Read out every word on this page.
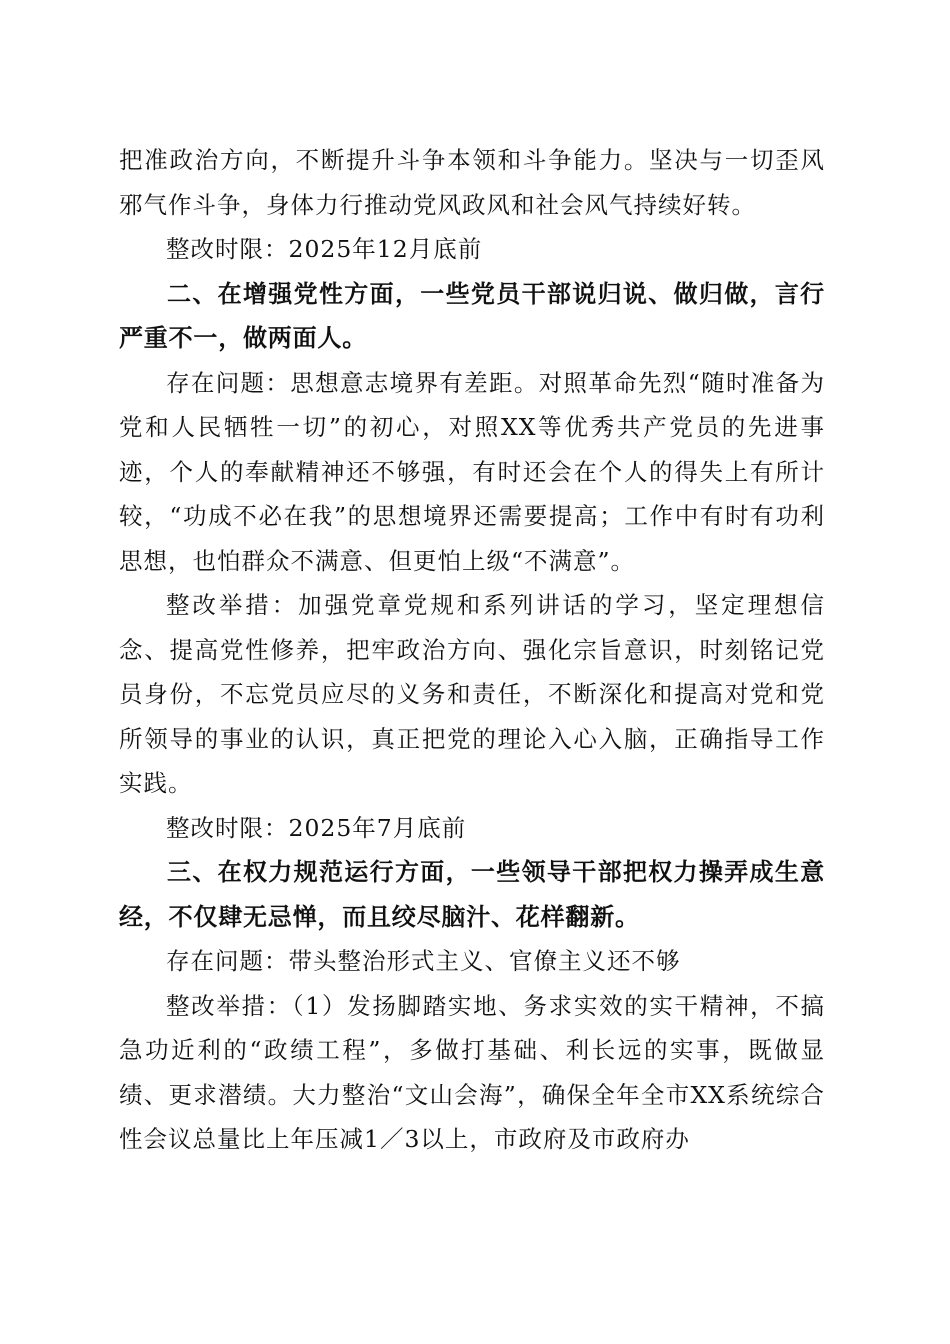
把准政治方向，不断提升斗争本领和斗争能力。坚决与一切歪风邪气作斗争，身体力行推动党风政风和社会风气持续好转。

整改时限：2025年12月底前

二、在增强党性方面，一些党员干部说归说、做归做，言行严重不一，做两面人。

存在问题：思想意志境界有差距。对照革命先烈“随时准备为党和人民牺牲一切”的初心，对照XX等优秀共产党员的先进事迹，个人的奉献精神还不够强，有时还会在个人的得失上有所计较，“功成不必在我”的思想境界还需要提高；工作中有时有功利思想，也怕群众不满意、但更怕上级“不满意”。

整改举措：加强党章党规和系列讲话的学习，坚定理想信念、提高党性修养，把牢政治方向、强化宗旨意识，时刻铭记党员身份，不忘党员应尽的义务和责任，不断深化和提高对党和党所领导的事业的认识，真正把党的理论入心入脑，正确指导工作实践。

整改时限：2025年7月底前

三、在权力规范运行方面，一些领导干部把权力操弄成生意经，不仅肆无忌惮，而且绞尽脑汁、花样翻新。

存在问题：带头整治形式主义、官僚主义还不够

整改举措：（1）发扬脚踏实地、务求实效的实干精神，不搞急功近利的“政绩工程”，多做打基础、利长远的实事，既做显绩、更求潜绩。大力整治“文山会海”，确保全年全市XX系统综合性会议总量比上年压减1／3以上，市政府及市政府办
